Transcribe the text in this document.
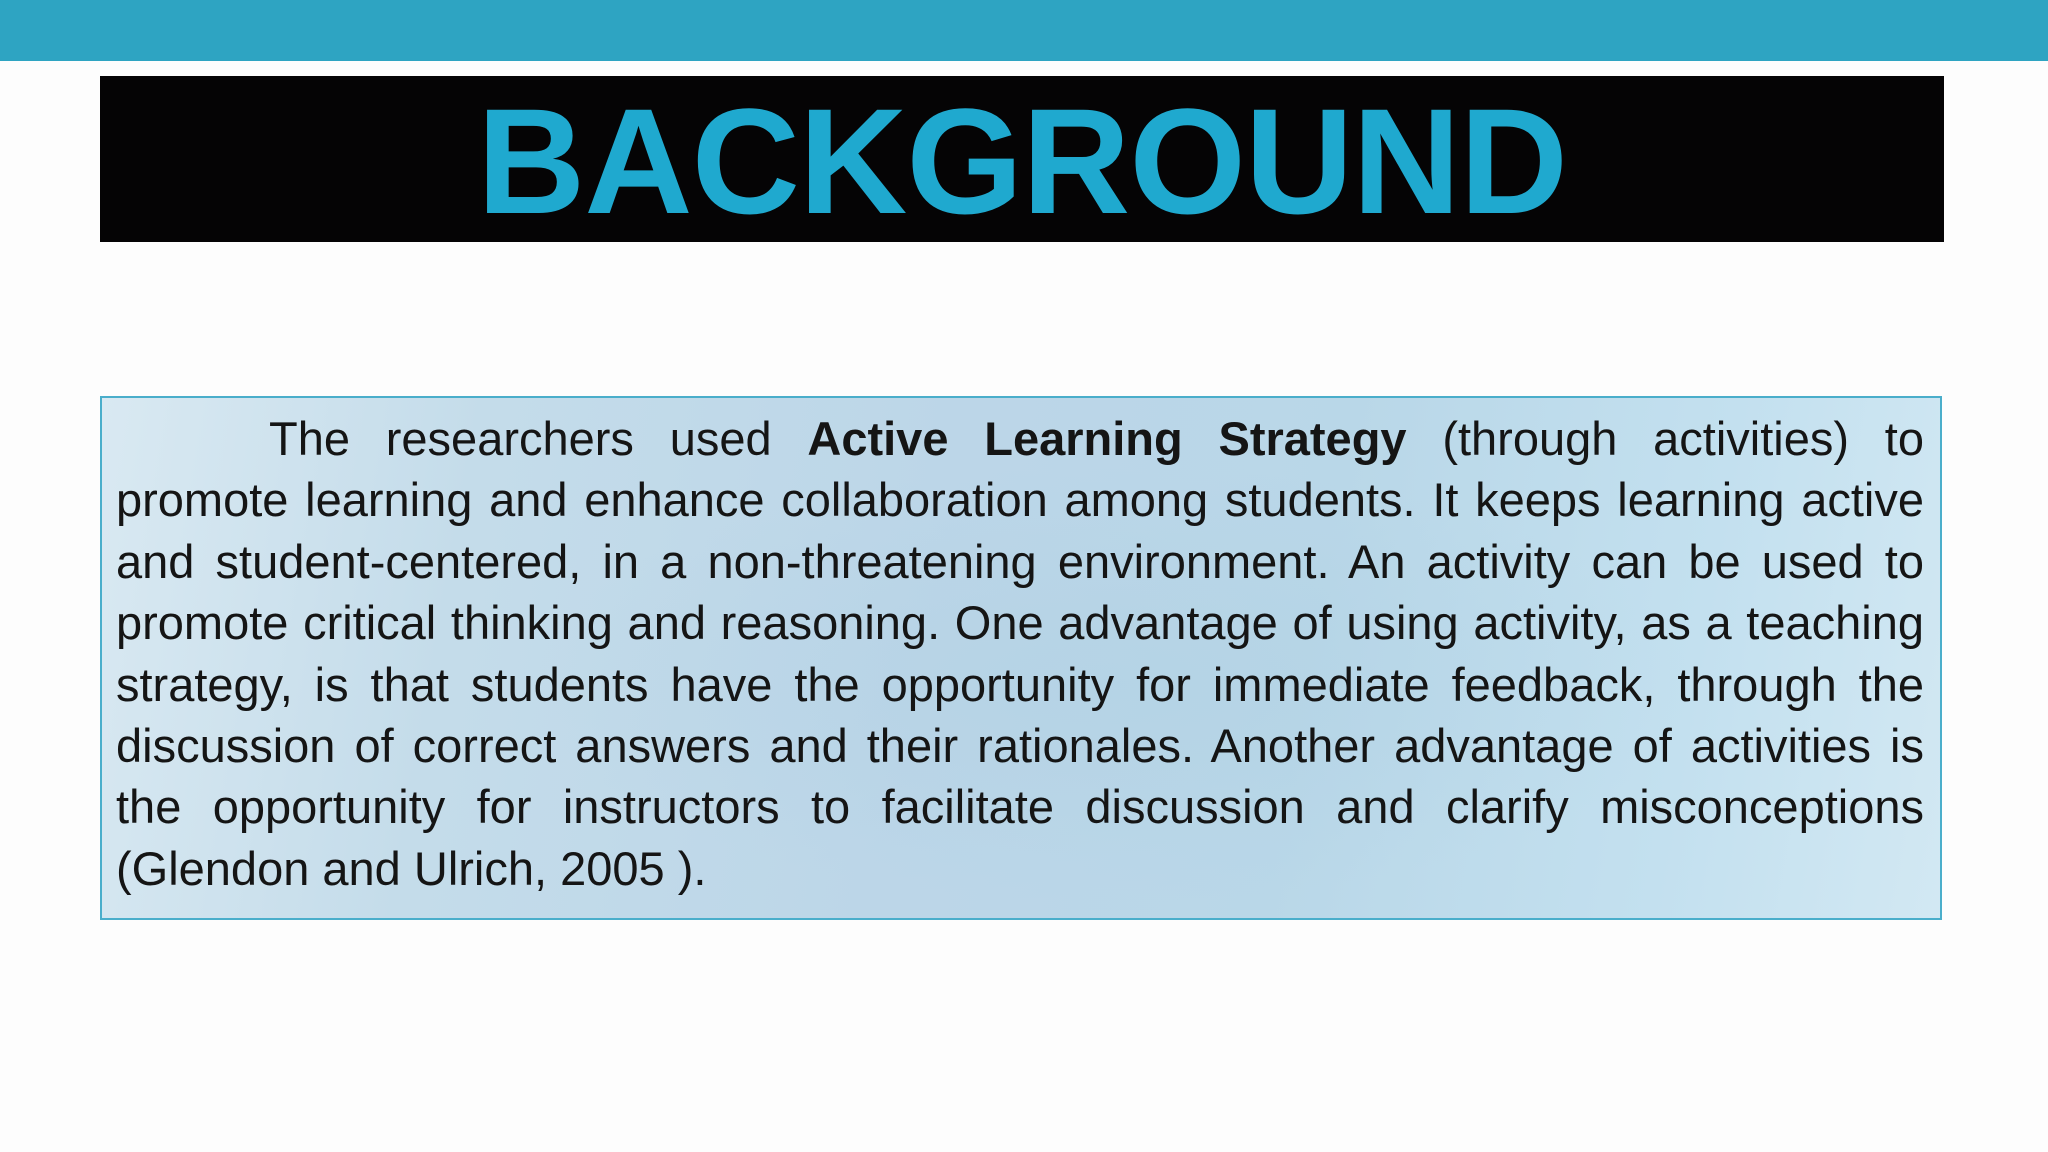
BACKGROUND

The researchers used Active Learning Strategy (through activities) to promote learning and enhance collaboration among students. It keeps learning active and student-centered, in a non-threatening environment. An activity can be used to promote critical thinking and reasoning. One advantage of using activity, as a teaching strategy, is that students have the opportunity for immediate feedback, through the discussion of correct answers and their rationales. Another advantage of activities is the opportunity for instructors to facilitate discussion and clarify misconceptions (Glendon and Ulrich, 2005 ).
